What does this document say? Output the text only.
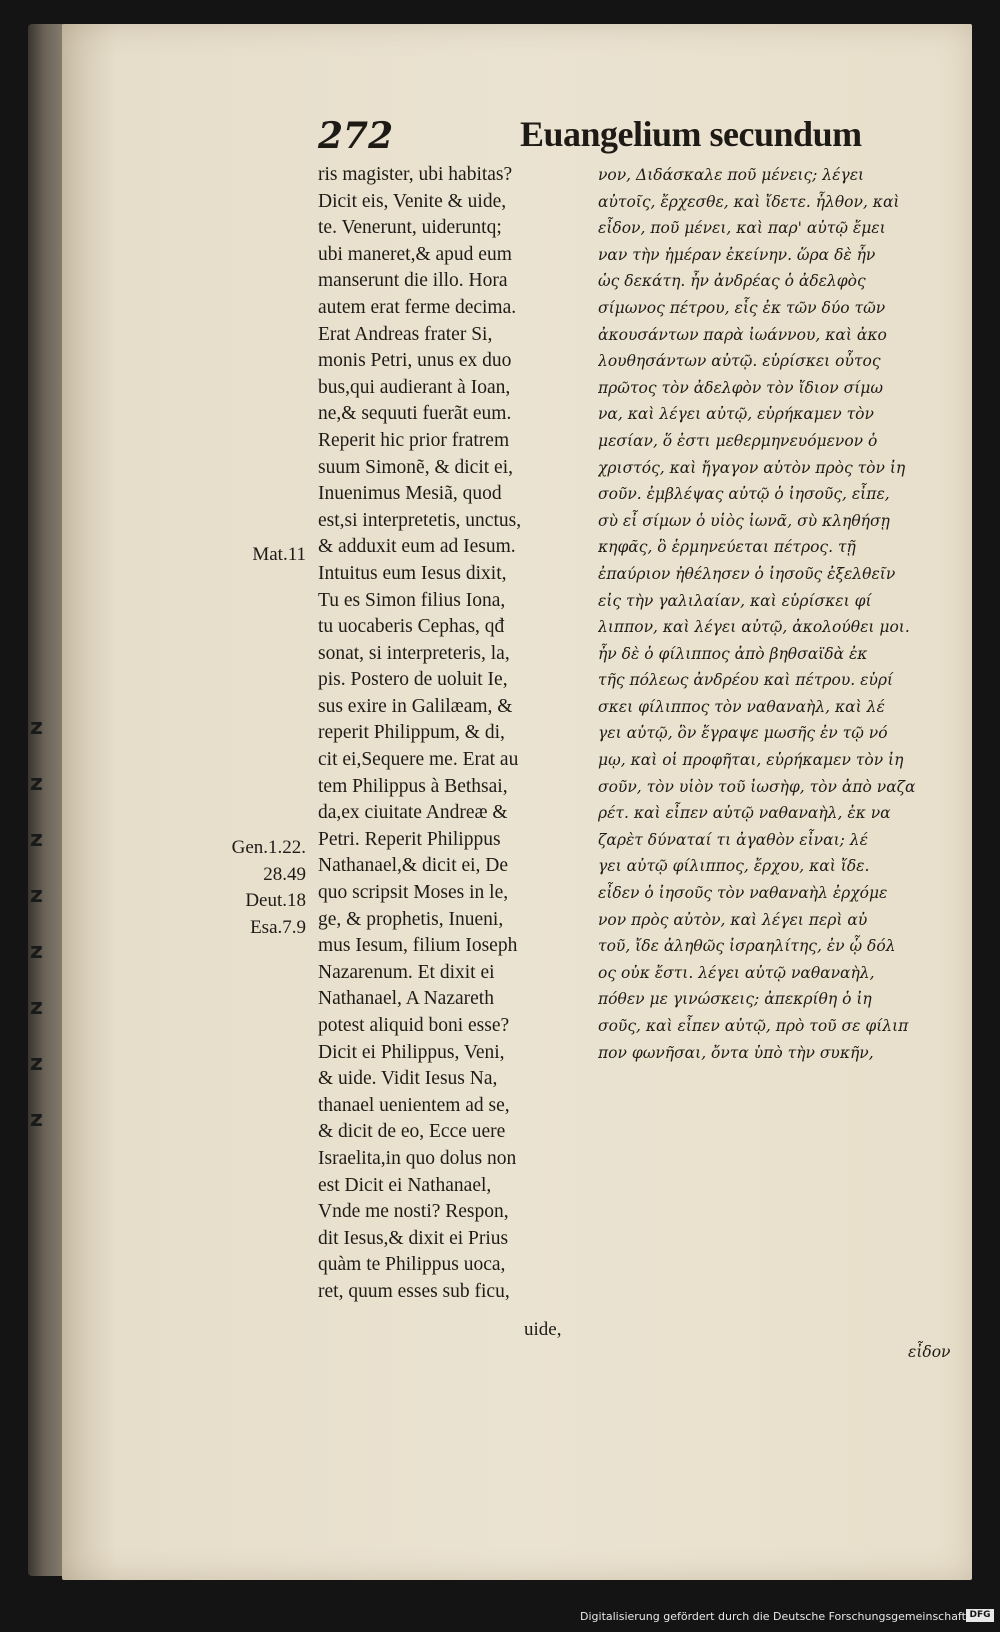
z
z
z
z
z
z
z
z
272	Euangelium secundum
ris magister, ubi habitas?
Dicit eis, Venite & uide,
te. Venerunt, uideruntq;
ubi maneret,& apud eum
manserunt die illo. Hora
autem erat ferme decima.
Erat Andreas frater Si,
monis Petri, unus ex duo
bus,qui audierant à Ioan,
ne,& sequuti fuerãt eum.
Reperit hic prior fratrem
suum Simonẽ, & dicit ei,
Inuenimus Mesiã, quod
est,si interpretetis, unctus,
& adduxit eum ad Iesum.
Intuitus eum Iesus dixit,
Tu es Simon filius Iona,
tu uocaberis Cephas, qđ
sonat, si interpreteris, la,
pis. Postero de uoluit Ie,
sus exire in Galilæam, &
reperit Philippum, & di,
cit ei,Sequere me. Erat au
tem Philippus à Bethsai,
da,ex ciuitate Andreæ &
Petri. Reperit Philippus
Nathanael,& dicit ei, De
quo scripsit Moses in le,
ge, & prophetis, Inueni,
mus Iesum, filium Ioseph
Nazarenum. Et dixit ei
Nathanael, A Nazareth
potest aliquid boni esse?
Dicit ei Philippus, Veni,
& uide. Vidit Iesus Na,
thanael uenientem ad se,
& dicit de eo, Ecce uere
Israelita,in quo dolus non
est Dicit ei Nathanael,
Vnde me nosti? Respon,
dit Iesus,& dixit ei Prius
quàm te Philippus uoca,
ret, quum esses sub ficu,
νον, Διδάσκαλε ποῦ μένεις; λέγει
αὐτοῖς, ἔρχεσθε, καὶ ἴδετε. ἦλθον, καὶ
εἶδον, ποῦ μένει, καὶ παρ' αὐτῷ ἔμει
ναν τὴν ἡμέραν ἐκείνην. ὥρα δὲ ἦν
ὡς δεκάτη. ἦν ἀνδρέας ὁ ἀδελφὸς
σίμωνος πέτρου, εἷς ἐκ τῶν δύο τῶν
ἀκουσάντων παρὰ ἰωάννου, καὶ ἀκο
λουθησάντων αὐτῷ. εὑρίσκει οὗτος
πρῶτος τὸν ἀδελφὸν τὸν ἴδιον σίμω
να, καὶ λέγει αὐτῷ, εὑρήκαμεν τὸν
μεσίαν, ὅ ἐστι μεθερμηνευόμενον ὁ
χριστός, καὶ ἤγαγον αὐτὸν πρὸς τὸν ἰη
σοῦν. ἐμβλέψας αὐτῷ ὁ ἰησοῦς, εἶπε,
σὺ εἶ σίμων ὁ υἱὸς ἰωνᾶ, σὺ κληθήσῃ
κηφᾶς, ὃ ἑρμηνεύεται πέτρος. τῇ
ἐπαύριον ἠθέλησεν ὁ ἰησοῦς ἐξελθεῖν
εἰς τὴν γαλιλαίαν, καὶ εὑρίσκει φί
λιππον, καὶ λέγει αὐτῷ, ἀκολούθει μοι.
ἦν δὲ ὁ φίλιππος ἀπὸ βηθσαϊδὰ ἐκ
τῆς πόλεως ἀνδρέου καὶ πέτρου. εὑρί
σκει φίλιππος τὸν ναθαναὴλ, καὶ λέ
γει αὐτῷ, ὃν ἔγραψε μωσῆς ἐν τῷ νό
μῳ, καὶ οἱ προφῆται, εὑρήκαμεν τὸν ἰη
σοῦν, τὸν υἱὸν τοῦ ἰωσὴφ, τὸν ἀπὸ ναζα
ρέτ. καὶ εἶπεν αὐτῷ ναθαναὴλ, ἐκ να
ζαρὲτ δύναταί τι ἀγαθὸν εἶναι; λέ
γει αὐτῷ φίλιππος, ἔρχου, καὶ ἴδε.
εἶδεν ὁ ἰησοῦς τὸν ναθαναὴλ ἐρχόμε
νον πρὸς αὐτὸν, καὶ λέγει περὶ αὐ
τοῦ, ἴδε ἀληθῶς ἰσραηλίτης, ἐν ᾧ δόλ
ος οὐκ ἔστι. λέγει αὐτῷ ναθαναὴλ,
πόθεν με γινώσκεις; ἀπεκρίθη ὁ ἰη
σοῦς, καὶ εἶπεν αὐτῷ, πρὸ τοῦ σε φίλιπ
πον φωνῆσαι, ὄντα ὑπὸ τὴν συκῆν,
Mat.11
Gen.1.22.
28.49
Deut.18
Esa.7.9
uide,
εἶδον
Digitalisierung gefördert durch die Deutsche Forschungsgemeinschaft DFG
